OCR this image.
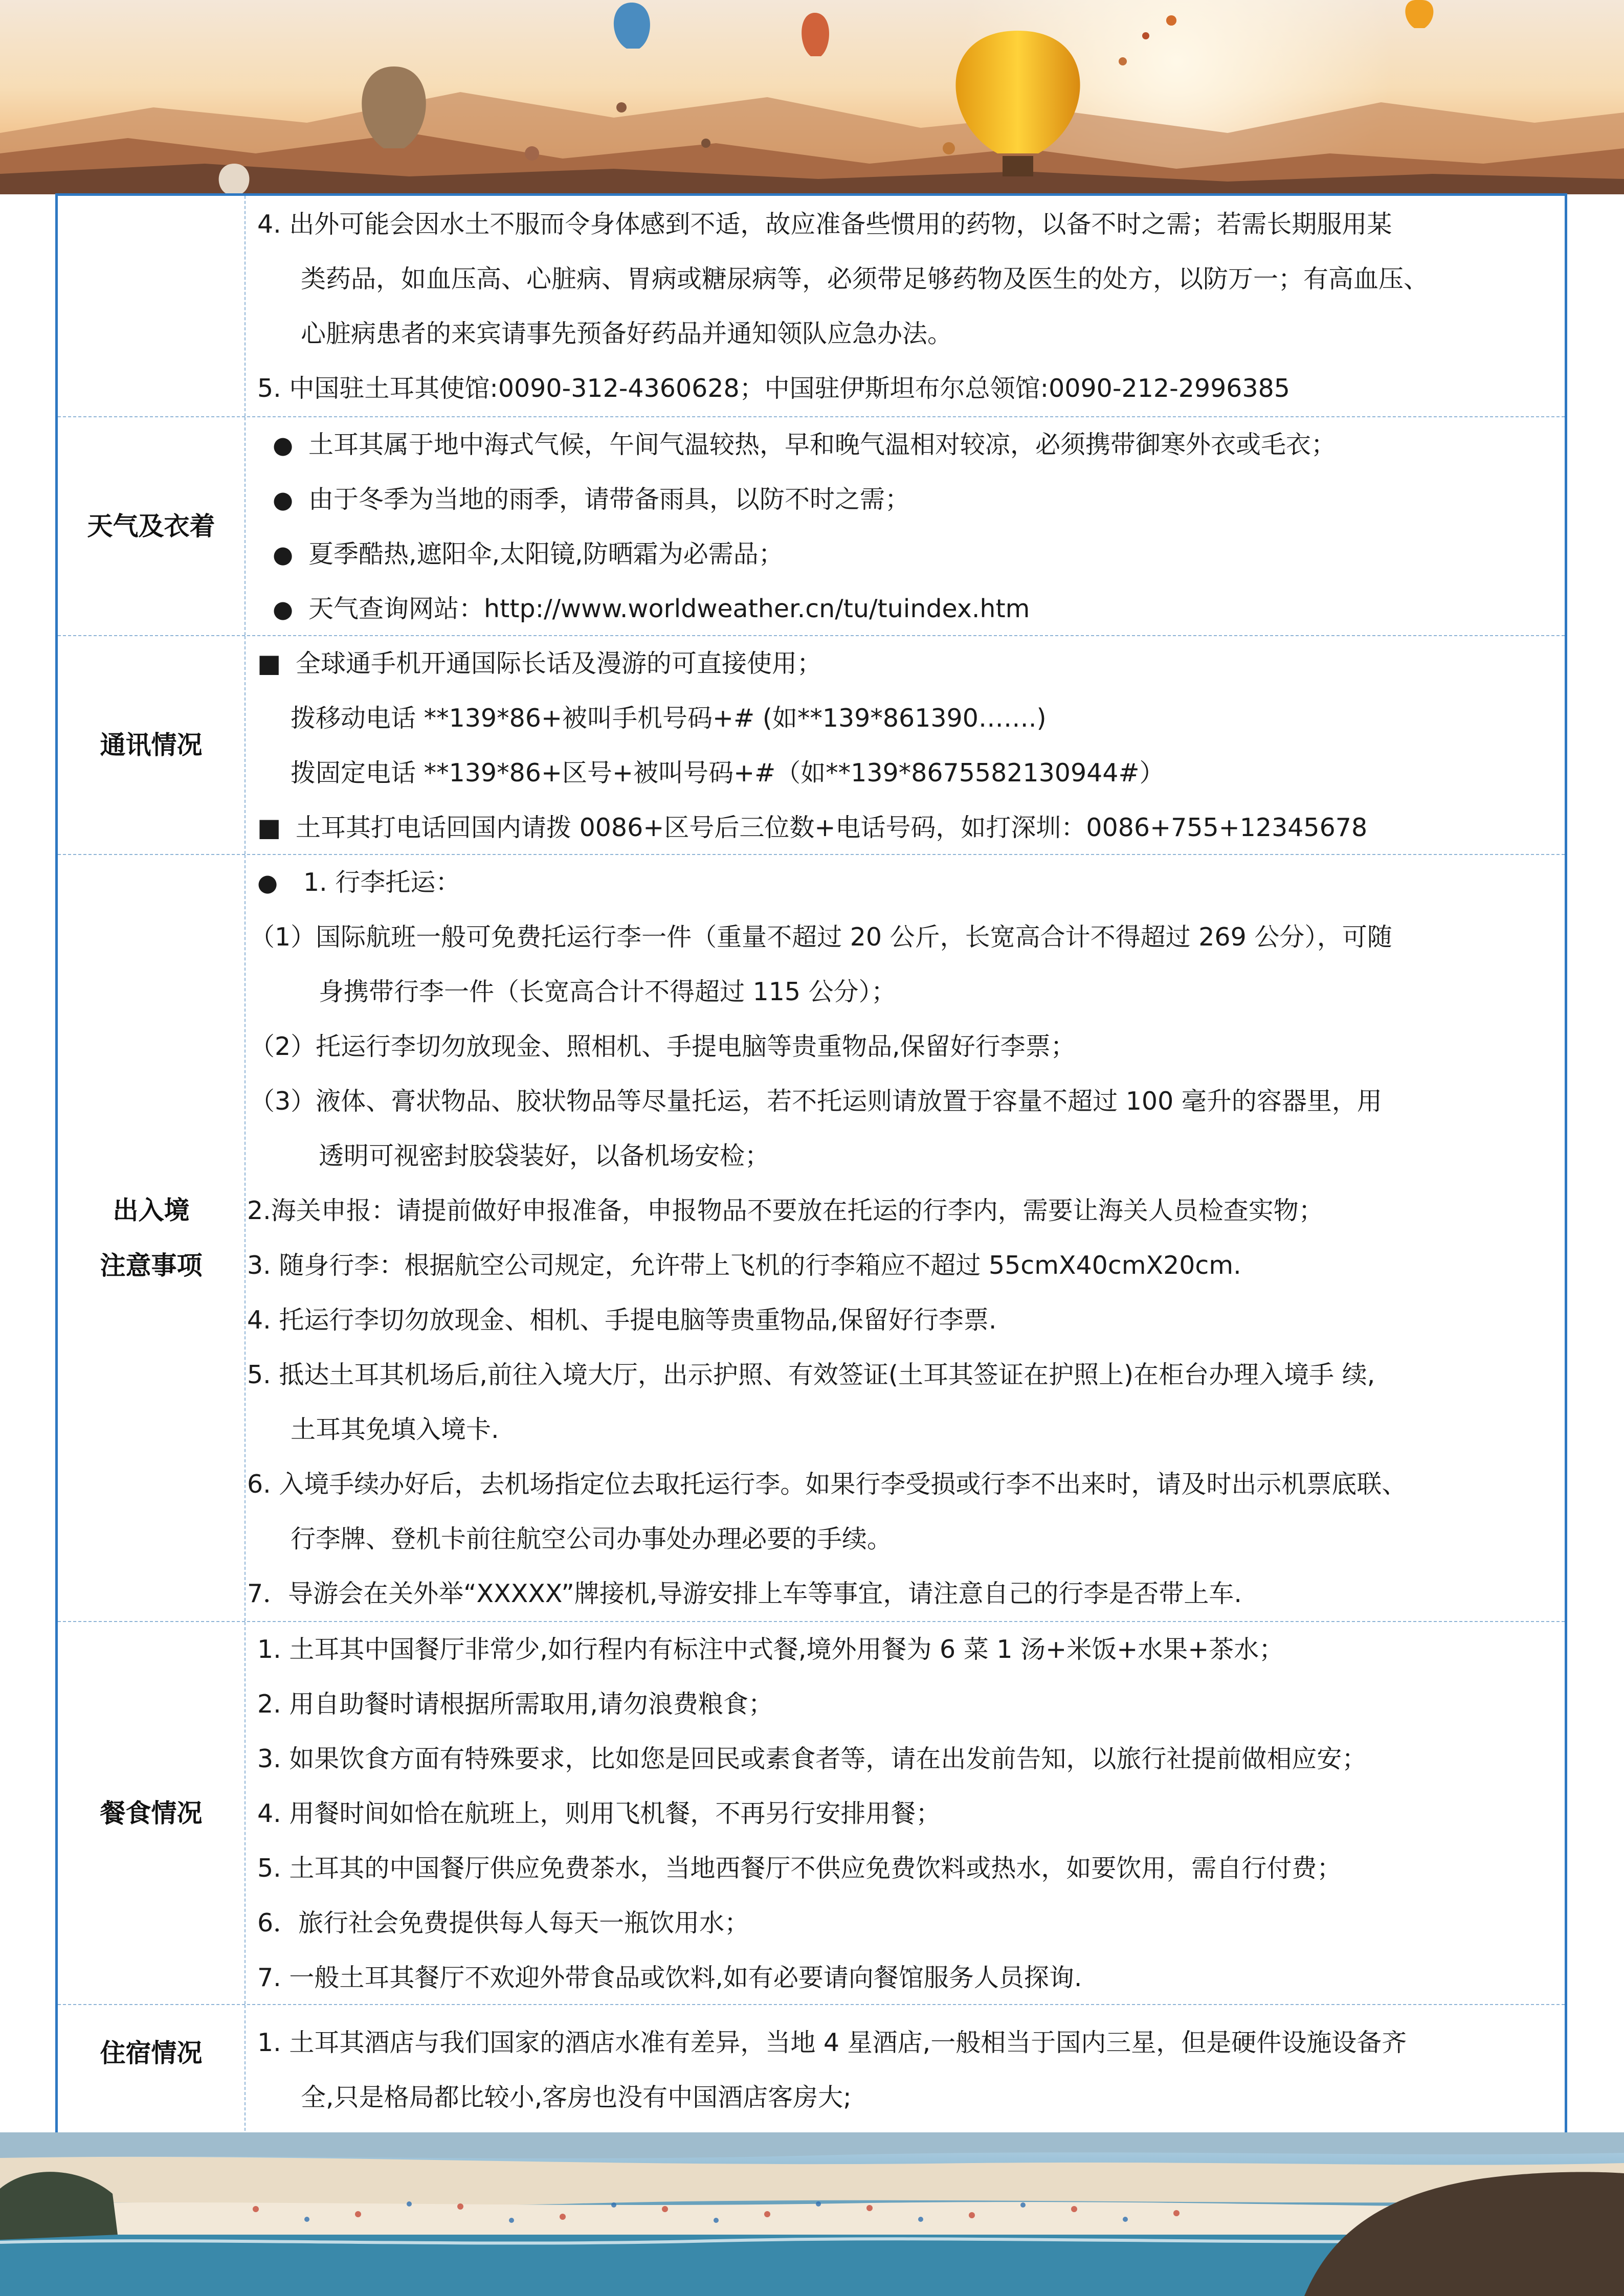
4. 出外可能会因水土不服而令身体感到不适，故应准备些惯用的药物，以备不时之需；若需长期服用某
类药品，如血压高、心脏病、胃病或糖尿病等，必须带足够药物及医生的处方，以防万一；有高血压、
心脏病患者的来宾请事先预备好药品并通知领队应急办法。
5. 中国驻土耳其使馆:0090-312-4360628；中国驻伊斯坦布尔总领馆:0090-212-2996385
天气及衣着
● 土耳其属于地中海式气候，午间气温较热，早和晚气温相对较凉，必须携带御寒外衣或毛衣；
● 由于冬季为当地的雨季，请带备雨具，以防不时之需；
● 夏季酷热,遮阳伞,太阳镜,防晒霜为必需品；
● 天气查询网站：http://www.worldweather.cn/tu/tuindex.htm
通讯情况
■ 全球通手机开通国际长话及漫游的可直接使用；
拨移动电话 **139*86+被叫手机号码+# (如**139*861390…….)
拨固定电话 **139*86+区号+被叫号码+#（如**139*8675582130944#）
■ 土耳其打电话回国内请拨 0086+区号后三位数+电话号码，如打深圳：0086+755+12345678
出入境
注意事项
● 1. 行李托运：
（1）国际航班一般可免费托运行李一件（重量不超过 20 公斤，长宽高合计不得超过 269 公分），可随
身携带行李一件（长宽高合计不得超过 115 公分）；
（2）托运行李切勿放现金、照相机、手提电脑等贵重物品,保留好行李票；
（3）液体、膏状物品、胶状物品等尽量托运，若不托运则请放置于容量不超过 100 毫升的容器里，用
透明可视密封胶袋装好，以备机场安检；
2.海关申报：请提前做好申报准备，申报物品不要放在托运的行李内，需要让海关人员检查实物；
3. 随身行李：根据航空公司规定，允许带上飞机的行李箱应不超过 55cmX40cmX20cm.
4. 托运行李切勿放现金、相机、手提电脑等贵重物品,保留好行李票.
5. 抵达土耳其机场后,前往入境大厅，出示护照、有效签证(土耳其签证在护照上)在柜台办理入境手 续,
土耳其免填入境卡.
6. 入境手续办好后，去机场指定位去取托运行李。如果行李受损或行李不出来时，请及时出示机票底联、
行李牌、登机卡前往航空公司办事处办理必要的手续。
7．导游会在关外举“XXXXX”牌接机,导游安排上车等事宜，请注意自己的行李是否带上车.
餐食情况
1. 土耳其中国餐厅非常少,如行程内有标注中式餐,境外用餐为 6 菜 1 汤+米饭+水果+茶水；
2. 用自助餐时请根据所需取用,请勿浪费粮食；
3. 如果饮食方面有特殊要求，比如您是回民或素食者等，请在出发前告知，以旅行社提前做相应安；
4. 用餐时间如恰在航班上，则用飞机餐，不再另行安排用餐；
5. 土耳其的中国餐厅供应免费茶水，当地西餐厅不供应免费饮料或热水，如要饮用，需自行付费；
6．旅行社会免费提供每人每天一瓶饮用水；
7. 一般土耳其餐厅不欢迎外带食品或饮料,如有必要请向餐馆服务人员探询.
住宿情况 1. 土耳其酒店与我们国家的酒店水准有差异，当地 4 星酒店,一般相当于国内三星，但是硬件设施设备齐
全,只是格局都比较小,客房也没有中国酒店客房大;
